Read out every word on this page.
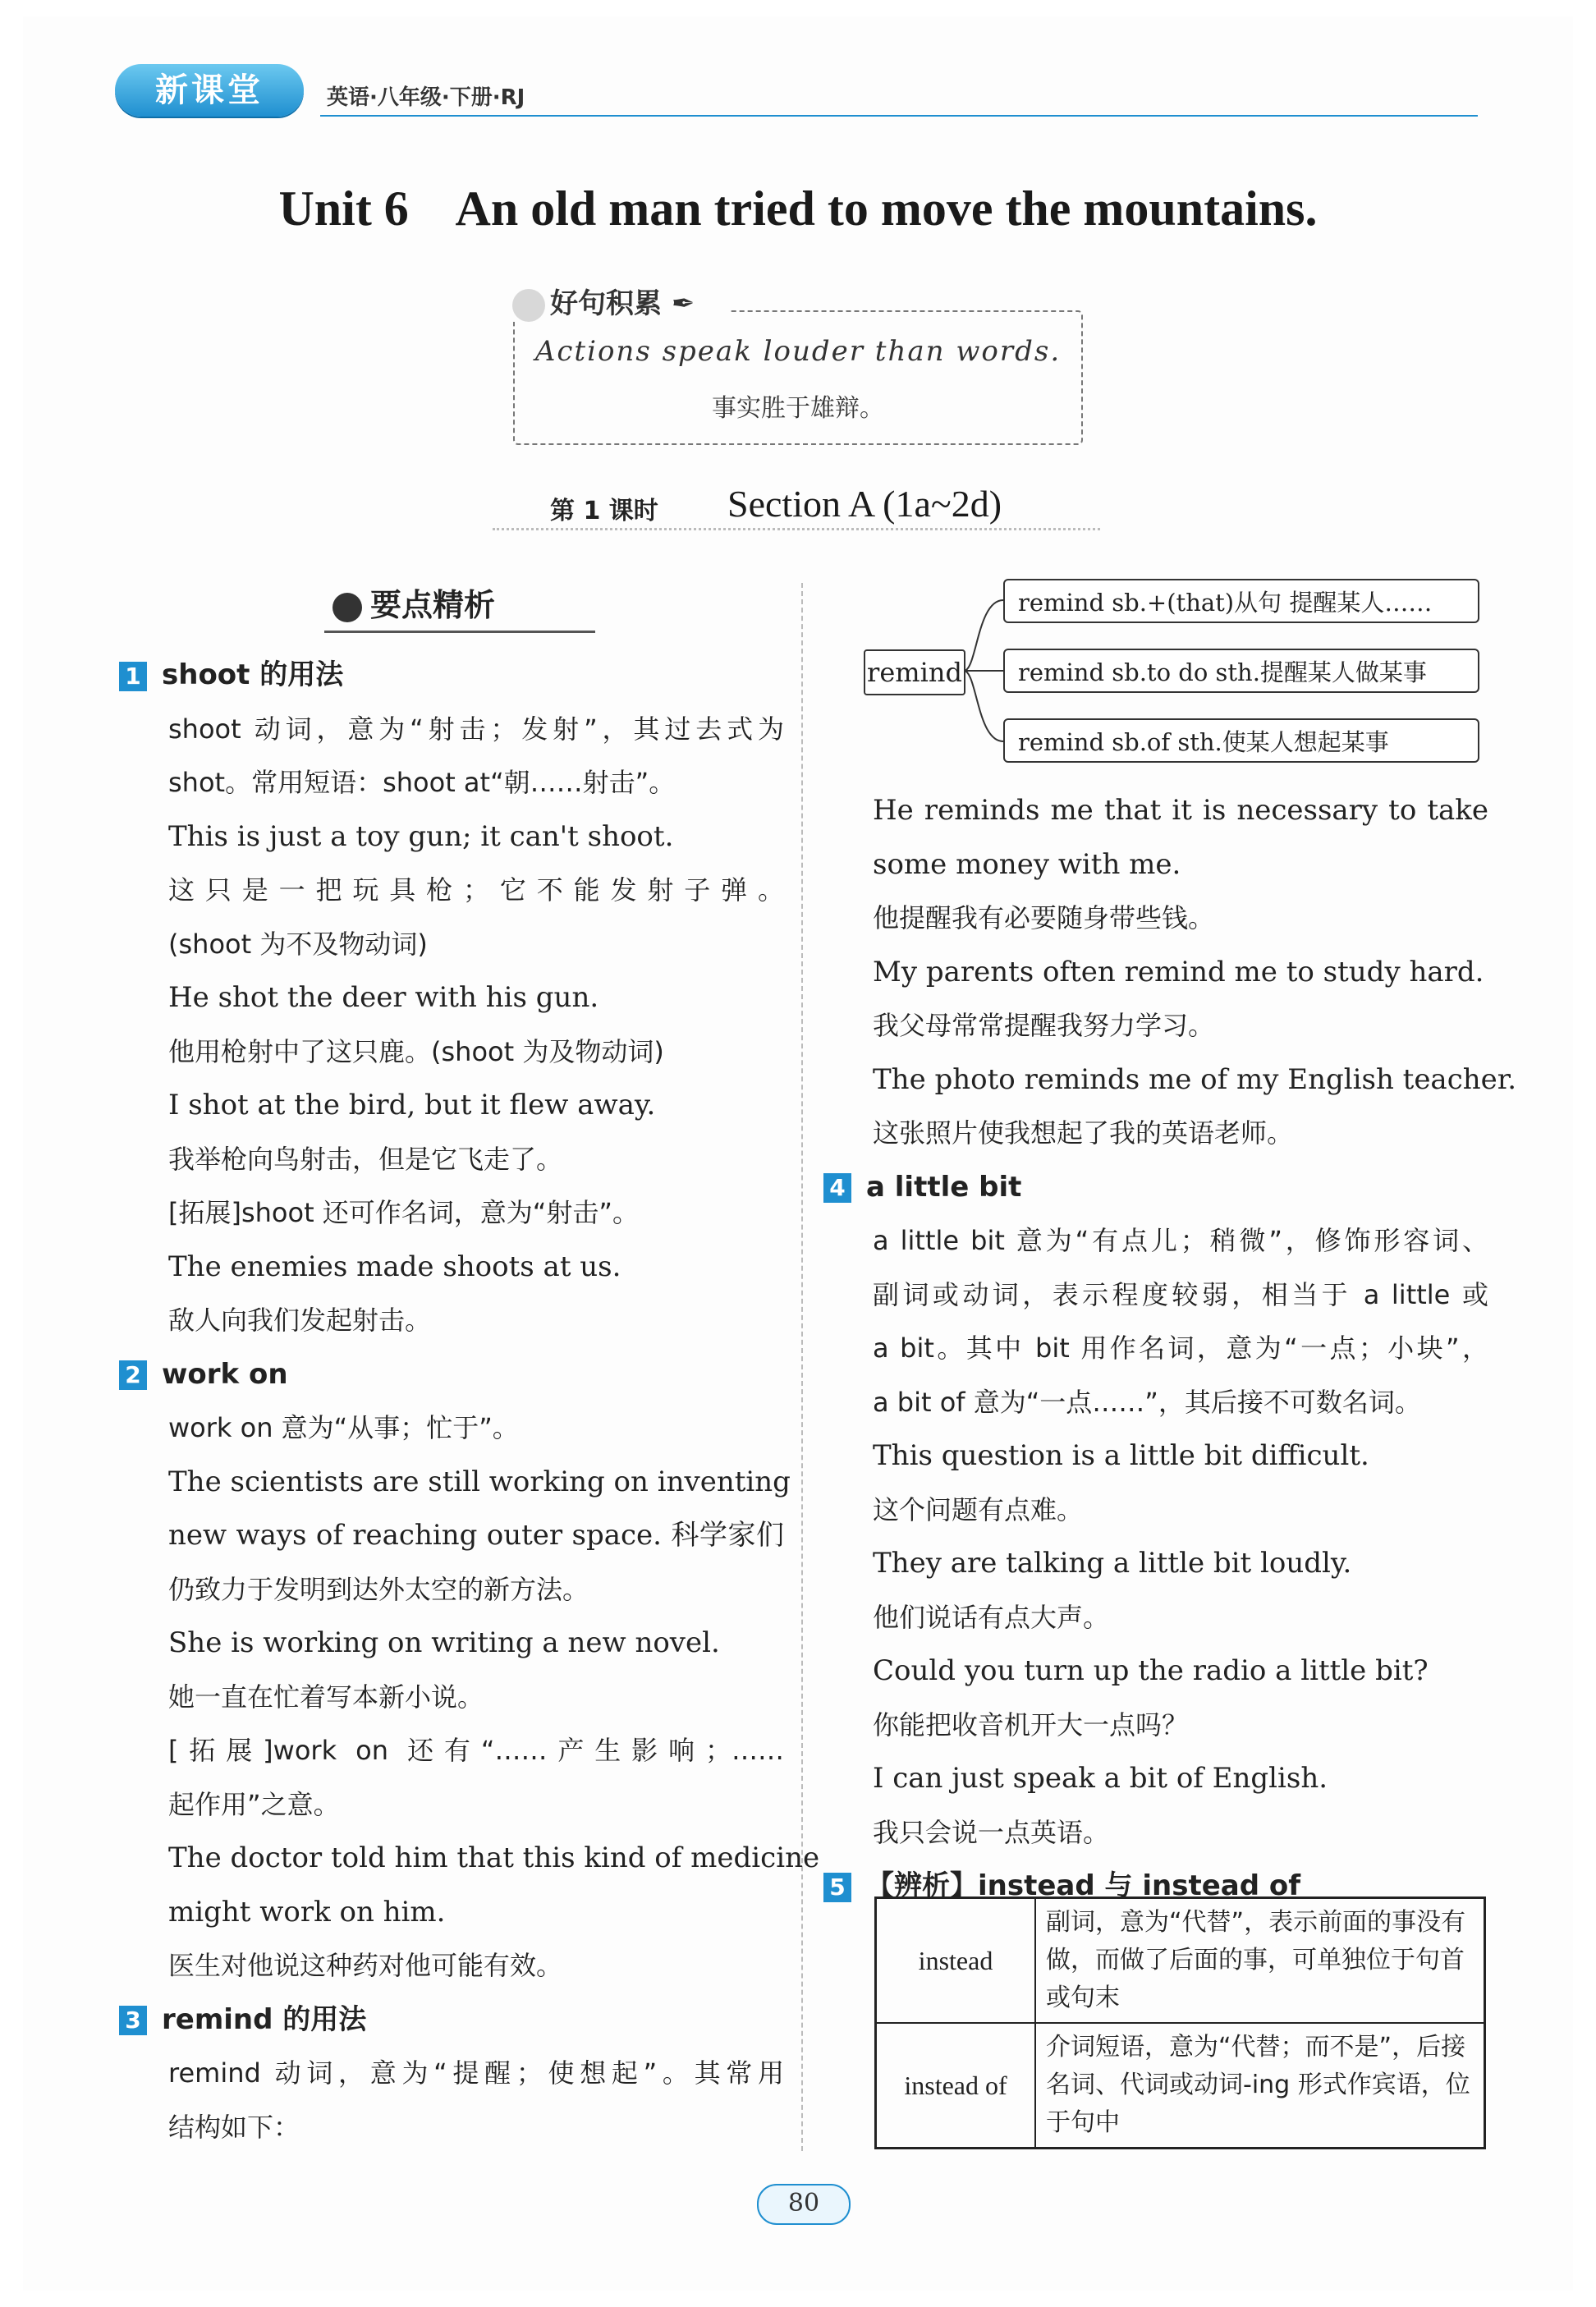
新课堂	英语·八年级·下册·RJ
Unit 6    An old man tried to move the mountains.
Actions speak louder than words.
事实胜于雄辩。
好句积累 ✒
第 1 课时 Section A (1a~2d)
要点精析
1 shoot 的用法
shoot 动词，意为“射击；发射”，其过去式为
shot。常用短语：shoot at“朝……射击”。
This is just a toy gun; it can't shoot.
这只是一把玩具枪；它不能发射子弹。
(shoot 为不及物动词)
He shot the deer with his gun.
他用枪射中了这只鹿。(shoot 为及物动词)
I shot at the bird, but it flew away.
我举枪向鸟射击，但是它飞走了。
[拓展]shoot 还可作名词，意为“射击”。
The enemies made shoots at us.
敌人向我们发起射击。
2 work on
work on 意为“从事；忙于”。
The scientists are still working on inventing
new ways of reaching outer space. 科学家们
仍致力于发明到达外太空的新方法。
She is working on writing a new novel.
她一直在忙着写本新小说。
[拓展]work on 还有“……产生影响；……
起作用”之意。
The doctor told him that this kind of medicine
might work on him.
医生对他说这种药对他可能有效。
3 remind 的用法
remind 动词，意为“提醒；使想起”。其常用
结构如下：
remind
remind sb.+(that)从句 提醒某人……
remind sb.to do sth.提醒某人做某事
remind sb.of sth.使某人想起某事
He reminds me that it is necessary to take
some money with me.
他提醒我有必要随身带些钱。
My parents often remind me to study hard.
我父母常常提醒我努力学习。
The photo reminds me of my English teacher.
这张照片使我想起了我的英语老师。
4 a little bit
a little bit 意为“有点儿；稍微”，修饰形容词、
副词或动词，表示程度较弱，相当于 a little 或
a bit。其中 bit 用作名词，意为“一点；小块”，
a bit of 意为“一点……”，其后接不可数名词。
This question is a little bit difficult.
这个问题有点难。
They are talking a little bit loudly.
他们说话有点大声。
Could you turn up the radio a little bit?
你能把收音机开大一点吗？
I can just speak a bit of English.
我只会说一点英语。
5 【辨析】instead 与 instead of
instead	副词，意为“代替”，表示前面的事没有做，而做了后面的事，可单独位于句首或句末
instead of	介词短语，意为“代替；而不是”，后接名词、代词或动词-ing 形式作宾语，位于句中
80
